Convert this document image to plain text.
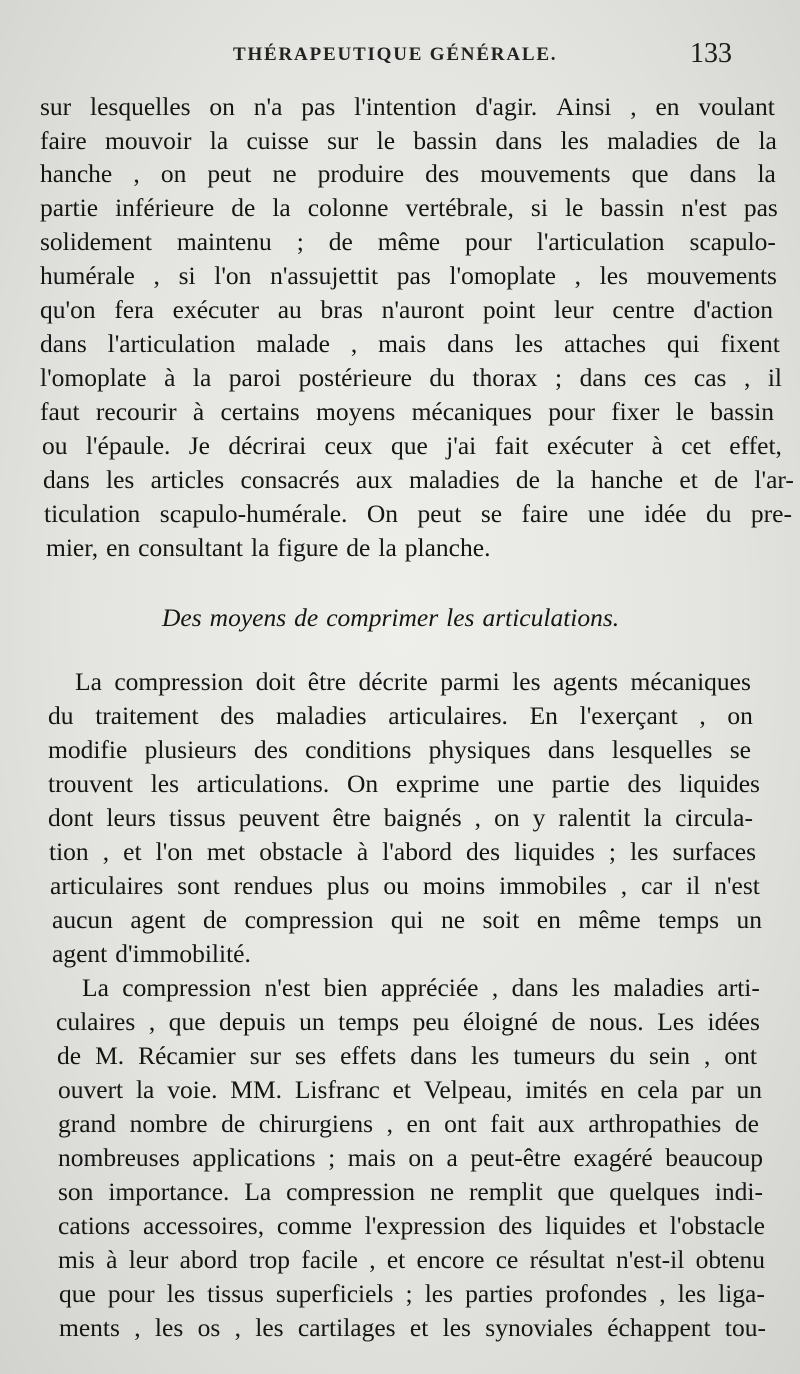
THÉRAPEUTIQUE GÉNÉRALE.	133
sur lesquelles on n'a pas l'intention d'agir. Ainsi , en voulant
faire mouvoir la cuisse sur le bassin dans les maladies de la
hanche , on peut ne produire des mouvements que dans la
partie inférieure de la colonne vertébrale, si le bassin n'est pas
solidement maintenu ; de même pour l'articulation scapulo-
humérale , si l'on n'assujettit pas l'omoplate , les mouvements
qu'on fera exécuter au bras n'auront point leur centre d'action
dans l'articulation malade , mais dans les attaches qui fixent
l'omoplate à la paroi postérieure du thorax ; dans ces cas , il
faut recourir à certains moyens mécaniques pour fixer le bassin
ou l'épaule. Je décrirai ceux que j'ai fait exécuter à cet effet,
dans les articles consacrés aux maladies de la hanche et de l'ar-
ticulation scapulo-humérale. On peut se faire une idée du pre-
mier, en consultant la figure de la planche.
Des moyens de comprimer les articulations.
La compression doit être décrite parmi les agents mécaniques
du traitement des maladies articulaires. En l'exerçant , on
modifie plusieurs des conditions physiques dans lesquelles se
trouvent les articulations. On exprime une partie des liquides
dont leurs tissus peuvent être baignés , on y ralentit la circula-
tion , et l'on met obstacle à l'abord des liquides ; les surfaces
articulaires sont rendues plus ou moins immobiles , car il n'est
aucun agent de compression qui ne soit en même temps un
agent d'immobilité.
La compression n'est bien appréciée , dans les maladies arti-
culaires , que depuis un temps peu éloigné de nous. Les idées
de M. Récamier sur ses effets dans les tumeurs du sein , ont
ouvert la voie. MM. Lisfranc et Velpeau, imités en cela par un
grand nombre de chirurgiens , en ont fait aux arthropathies de
nombreuses applications ; mais on a peut-être exagéré beaucoup
son importance. La compression ne remplit que quelques indi-
cations accessoires, comme l'expression des liquides et l'obstacle
mis à leur abord trop facile , et encore ce résultat n'est-il obtenu
que pour les tissus superficiels ; les parties profondes , les liga-
ments , les os , les cartilages et les synoviales échappent tou-
